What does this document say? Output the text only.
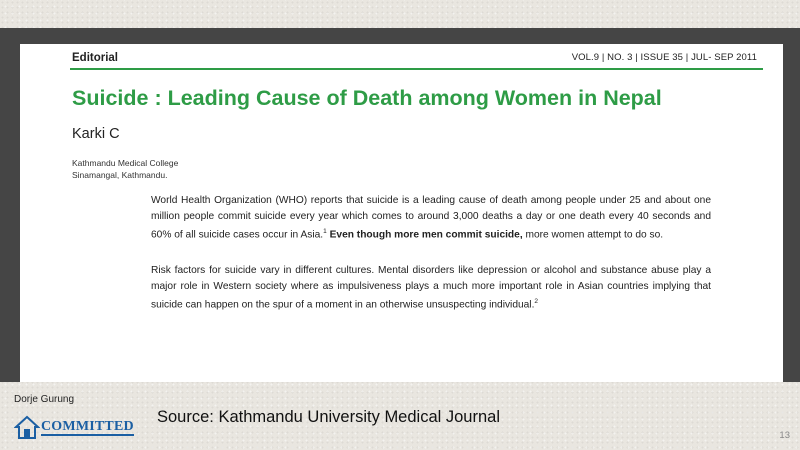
Editorial	VOL.9 | NO. 3 | ISSUE 35 | JUL- SEP 2011
Suicide : Leading Cause of Death among Women in Nepal
Karki C
Kathmandu Medical College
Sinamangal, Kathmandu.
World Health Organization (WHO) reports that suicide is a leading cause of death among people under 25 and about one million people commit suicide every year which comes to around 3,000 deaths a day or one death every 40 seconds and 60% of all suicide cases occur in Asia.$^1$ Even though more men commit suicide, more women attempt to do so.
Risk factors for suicide vary in different cultures. Mental disorders like depression or alcohol and substance abuse play a major role in Western society where as impulsiveness plays a much more important role in Asian countries implying that suicide can happen on the spur of a moment in an otherwise unsuspecting individual.$^2$
Dorje Gurung
COMMITTED Source: Kathmandu University Medical Journal
13
